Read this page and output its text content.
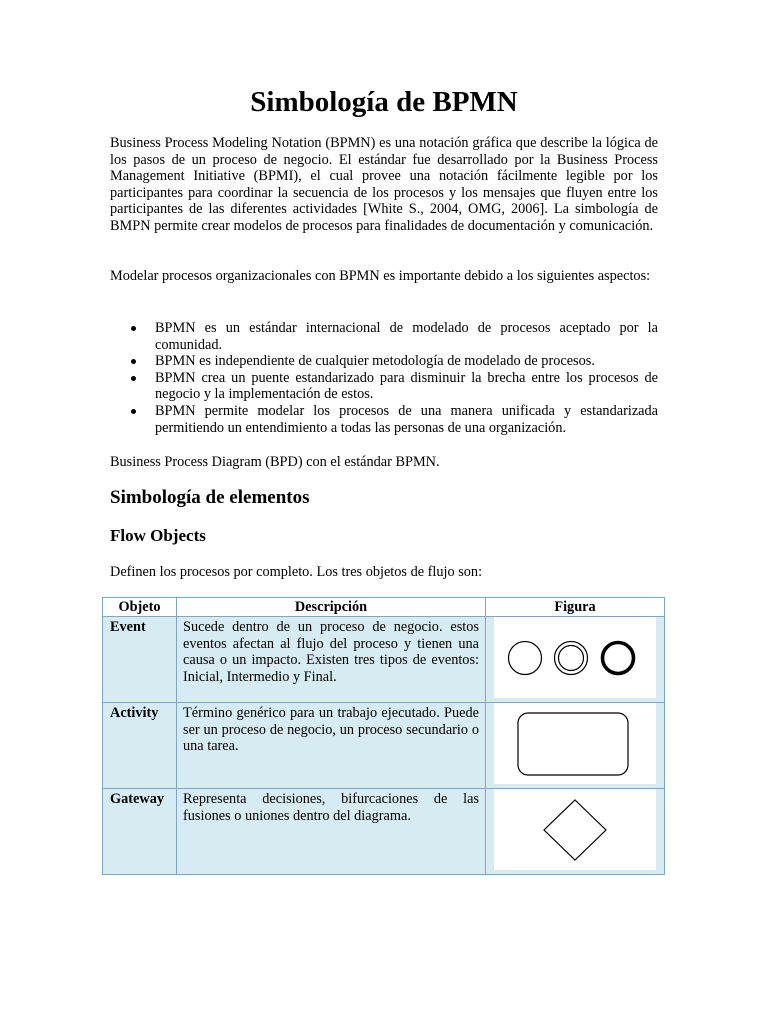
Simbología de BPMN

Business Process Modeling Notation (BPMN) es una notación gráfica que describe la lógica de los pasos de un proceso de negocio. El estándar fue desarrollado por la Business Process Management Initiative (BPMI), el cual provee una notación fácilmente legible por los participantes para coordinar la secuencia de los procesos y los mensajes que fluyen entre los participantes de las diferentes actividades [White S., 2004, OMG, 2006]. La simbología de BMPN permite crear modelos de procesos para finalidades de documentación y comunicación.

Modelar procesos organizacionales con BPMN es importante debido a los siguientes aspectos:

BPMN es un estándar internacional de modelado de procesos aceptado por la comunidad.
BPMN es independiente de cualquier metodología de modelado de procesos.
BPMN crea un puente estandarizado para disminuir la brecha entre los procesos de negocio y la implementación de estos.
BPMN permite modelar los procesos de una manera unificada y estandarizada permitiendo un entendimiento a todas las personas de una organización.

Business Process Diagram (BPD) con el estándar BPMN.

Simbología de elementos
Flow Objects

Definen los procesos por completo. Los tres objetos de flujo son:

Objeto	Descripción	Figura
Event	Sucede dentro de un proceso de negocio. estos eventos afectan al flujo del proceso y tienen una causa o un impacto. Existen tres tipos de eventos: Inicial, Intermedio y Final.	

Activity	Término genérico para un trabajo ejecutado. Puede ser un proceso de negocio, un proceso secundario o una tarea.	

Gateway	Representa decisiones, bifurcaciones de las fusiones o uniones dentro del diagrama.	
